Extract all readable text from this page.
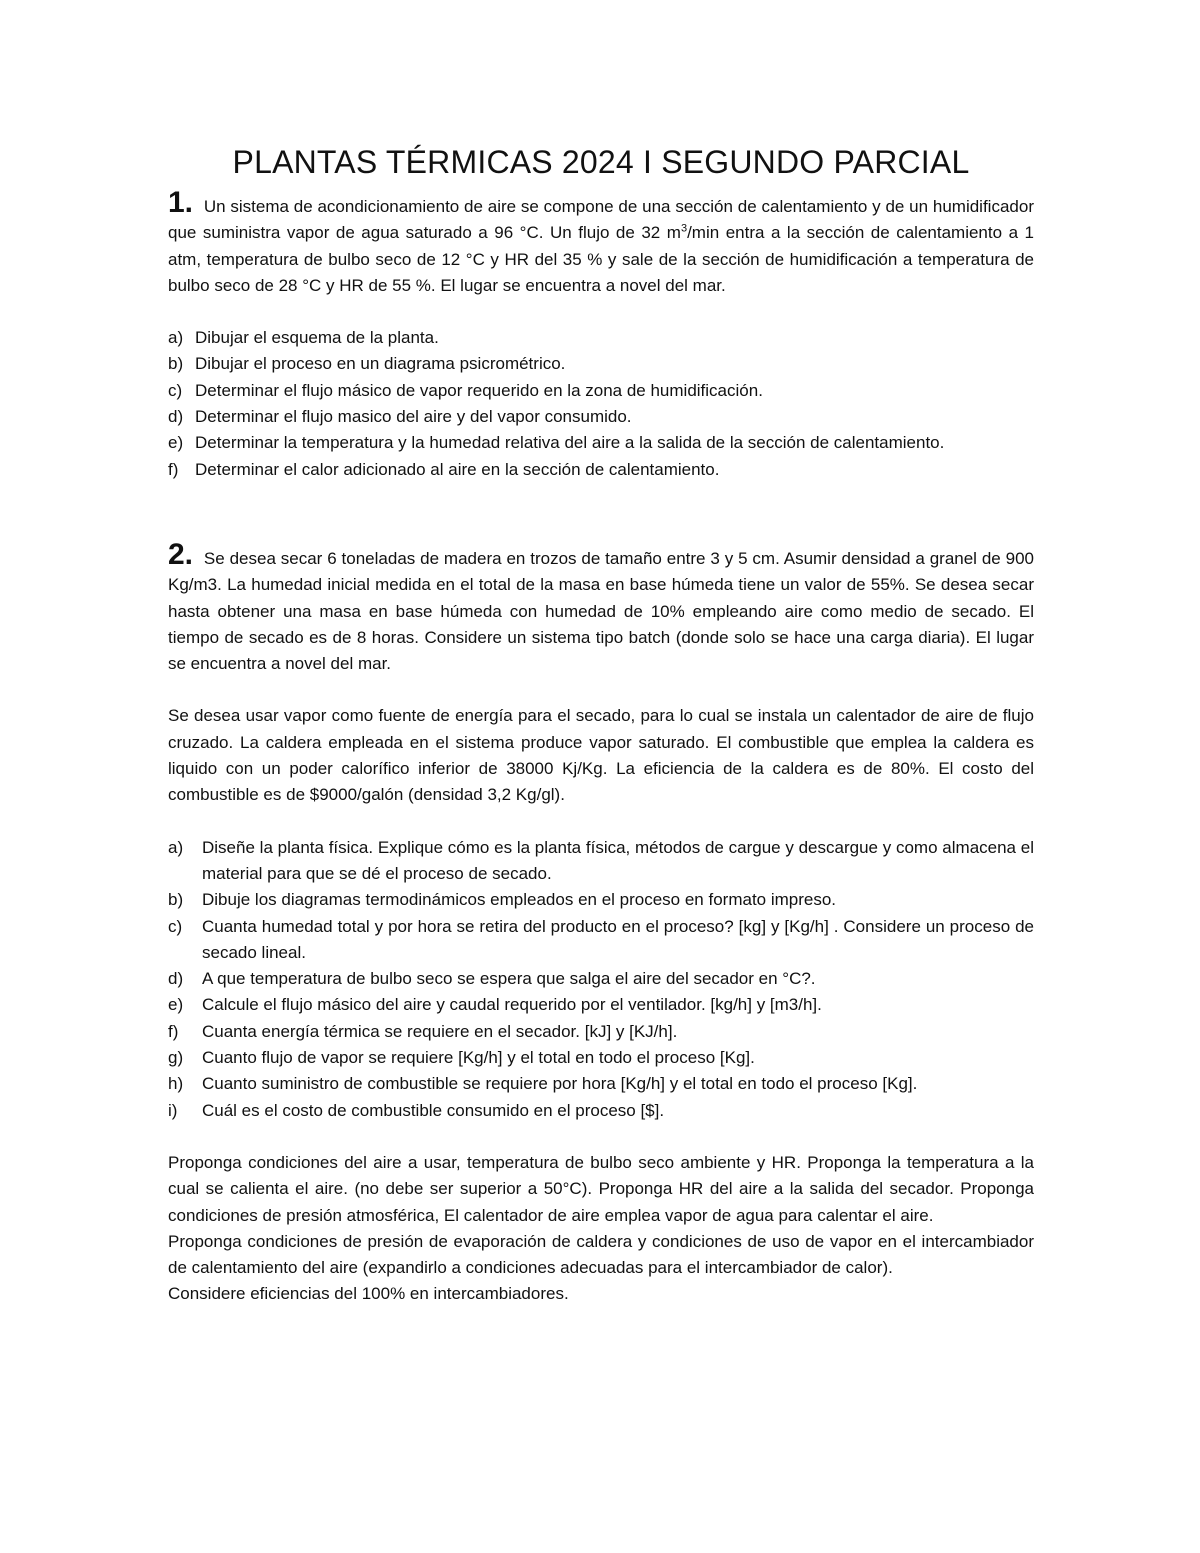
PLANTAS TÉRMICAS 2024 I SEGUNDO PARCIAL

1. Un sistema de acondicionamiento de aire se compone de una sección de calentamiento y de un humidificador que suministra vapor de agua saturado a 96 °C. Un flujo de 32 $m^3/\min$ entra a la sección de calentamiento a 1 atm, temperatura de bulbo seco de 12 °C y HR del 35 % y sale de la sección de humidificación a temperatura de bulbo seco de 28 °C y HR de 55 %. El lugar se encuentra a novel del mar.

a) Dibujar el esquema de la planta.
b) Dibujar el proceso en un diagrama psicrométrico.
c) Determinar el flujo másico de vapor requerido en la zona de humidificación.
d) Determinar el flujo masico del aire y del vapor consumido.
e) Determinar la temperatura y la humedad relativa del aire a la salida de la sección de calentamiento.
f) Determinar el calor adicionado al aire en la sección de calentamiento.

2. Se desea secar 6 toneladas de madera en trozos de tamaño entre 3 y 5 cm. Asumir densidad a granel de 900 Kg/m3. La humedad inicial medida en el total de la masa en base húmeda tiene un valor de 55%. Se desea secar hasta obtener una masa en base húmeda con humedad de 10% empleando aire como medio de secado. El tiempo de secado es de 8 horas. Considere un sistema tipo batch (donde solo se hace una carga diaria). El lugar se encuentra a novel del mar.

Se desea usar vapor como fuente de energía para el secado, para lo cual se instala un calentador de aire de flujo cruzado. La caldera empleada en el sistema produce vapor saturado. El combustible que emplea la caldera es liquido con un poder calorífico inferior de 38000 Kj/Kg. La eficiencia de la caldera es de 80%. El costo del combustible es de $9000/galón (densidad 3,2 Kg/gl).

a) Diseñe la planta física. Explique cómo es la planta física, métodos de cargue y descargue y como almacena el material para que se dé el proceso de secado.
b) Dibuje los diagramas termodinámicos empleados en el proceso en formato impreso.
c) Cuanta humedad total y por hora se retira del producto en el proceso? [kg] y [Kg/h] . Considere un proceso de secado lineal.
d) A que temperatura de bulbo seco se espera que salga el aire del secador en °C?.
e) Calcule el flujo másico del aire y caudal requerido por el ventilador. [kg/h] y [m3/h].
f) Cuanta energía térmica se requiere en el secador. [kJ] y [KJ/h].
g) Cuanto flujo de vapor se requiere [Kg/h] y el total en todo el proceso [Kg].
h) Cuanto suministro de combustible se requiere por hora [Kg/h] y el total en todo el proceso [Kg].
i) Cuál es el costo de combustible consumido en el proceso [$].

Proponga condiciones del aire a usar, temperatura de bulbo seco ambiente y HR. Proponga la temperatura a la cual se calienta el aire. (no debe ser superior a 50°C). Proponga HR del aire a la salida del secador. Proponga condiciones de presión atmosférica, El calentador de aire emplea vapor de agua para calentar el aire.

Proponga condiciones de presión de evaporación de caldera y condiciones de uso de vapor en el intercambiador de calentamiento del aire (expandirlo a condiciones adecuadas para el intercambiador de calor).

Considere eficiencias del 100% en intercambiadores.
